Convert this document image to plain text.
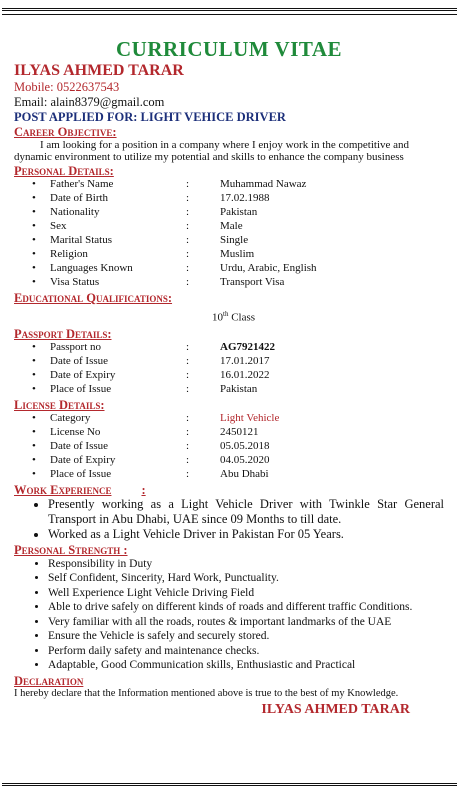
CURRICULUM VITAE
ILYAS AHMED TARAR
Mobile: 0522637543
Email: alain8379@gmail.com
POST APPLIED FOR: LIGHT VEHICE DRIVER
Career Objective:
I am looking for a position in a company where I enjoy work in the competitive and dynamic environment to utilize my potential and skills to enhance the company business
Personal Details:
•	Father's Name	:	Muhammad Nawaz
•	Date of Birth	:	17.02.1988
•	Nationality	:	Pakistan
•	Sex	:	Male
•	Marital Status	:	Single
•	Religion	:	Muslim
•	Languages Known	:	Urdu, Arabic, English
•	Visa Status	:	Transport Visa
Educational Qualifications:
10th Class
Passport Details:
•	Passport no	:	AG7921422
•	Date of Issue	:	17.01.2017
•	Date of Expiry	:	16.01.2022
•	Place of Issue	:	Pakistan
License Details:
•	Category	:	Light Vehicle
•	License No	:	2450121
•	Date of Issue	:	05.05.2018
•	Date of Expiry	:	04.05.2020
•	Place of Issue	:	Abu Dhabi
Work Experience :
• Presently working as a Light Vehicle Driver with Twinkle Star General Transport in Abu Dhabi, UAE since 09 Months to till date.
• Worked as a Light Vehicle Driver in Pakistan For 05 Years.
Personal Strength :
• Responsibility in Duty
• Self Confident, Sincerity, Hard Work, Punctuality.
• Well Experience Light Vehicle Driving Field
• Able to drive safely on different kinds of roads and different traffic Conditions.
• Very familiar with all the roads, routes & important landmarks of the UAE
• Ensure the Vehicle is safely and securely stored.
• Perform daily safety and maintenance checks.
• Adaptable, Good Communication skills, Enthusiastic and Practical
Declaration
I hereby declare that the Information mentioned above is true to the best of my Knowledge.
ILYAS AHMED TARAR
